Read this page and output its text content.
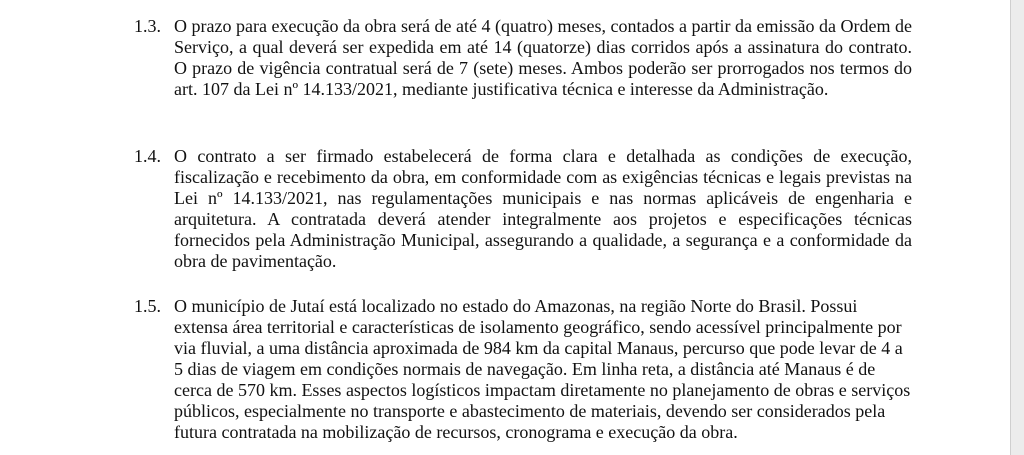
1.3. O prazo para execução da obra será de até 4 (quatro) meses, contados a partir da emissão da Ordem de Serviço, a qual deverá ser expedida em até 14 (quatorze) dias corridos após a assinatura do contrato. O prazo de vigência contratual será de 7 (sete) meses. Ambos poderão ser prorrogados nos termos do art. 107 da Lei nº 14.133/2021, mediante justificativa técnica e interesse da Administração.
1.4. O contrato a ser firmado estabelecerá de forma clara e detalhada as condições de execução, fiscalização e recebimento da obra, em conformidade com as exigências técnicas e legais previstas na Lei nº 14.133/2021, nas regulamentações municipais e nas normas aplicáveis de engenharia e arquitetura. A contratada deverá atender integralmente aos projetos e especificações técnicas fornecidos pela Administração Municipal, assegurando a qualidade, a segurança e a conformidade da obra de pavimentação.
1.5. O município de Jutaí está localizado no estado do Amazonas, na região Norte do Brasil. Possui extensa área territorial e características de isolamento geográfico, sendo acessível principalmente por via fluvial, a uma distância aproximada de 984 km da capital Manaus, percurso que pode levar de 4 a 5 dias de viagem em condições normais de navegação. Em linha reta, a distância até Manaus é de cerca de 570 km. Esses aspectos logísticos impactam diretamente no planejamento de obras e serviços públicos, especialmente no transporte e abastecimento de materiais, devendo ser considerados pela futura contratada na mobilização de recursos, cronograma e execução da obra.
